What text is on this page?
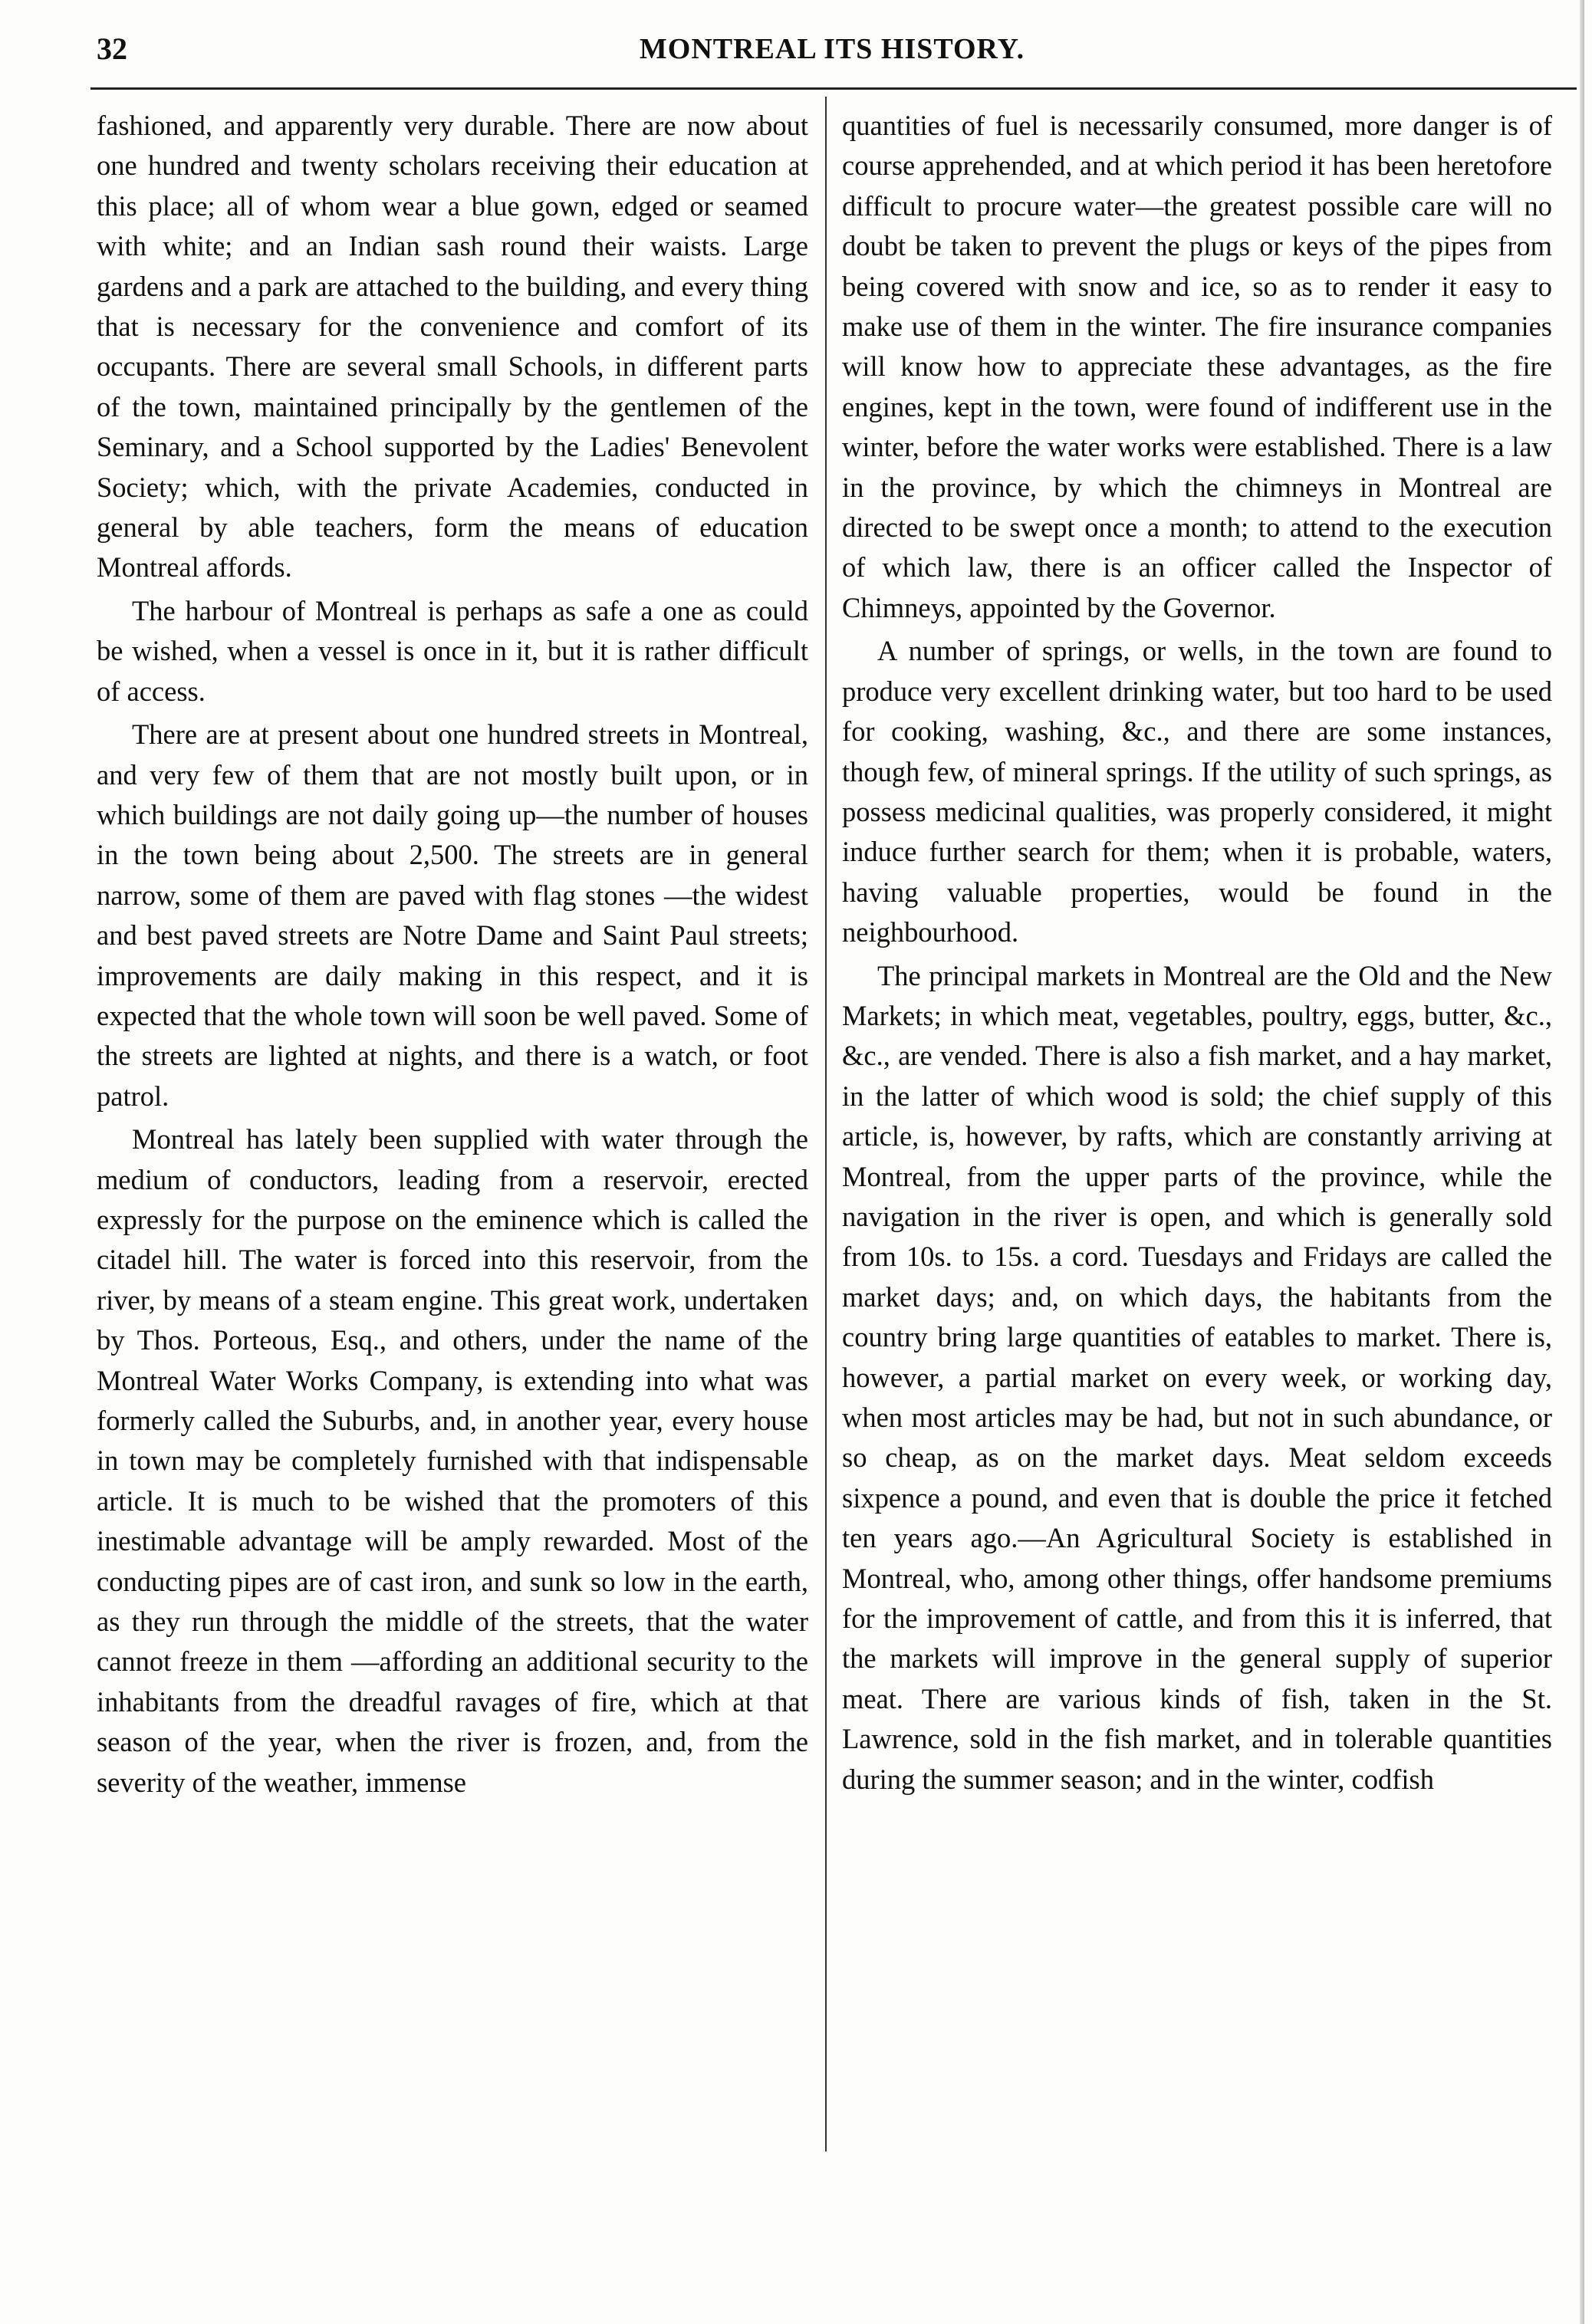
32	MONTREAL ITS HISTORY.

fashioned, and apparently very durable. There are now about one hundred and twenty scholars receiving their education at this place; all of whom wear a blue gown, edged or seamed with white; and an Indian sash round their waists. Large gardens and a park are attached to the building, and every thing that is necessary for the convenience and comfort of its occupants. There are several small Schools, in different parts of the town, maintained principally by the gentlemen of the Seminary, and a School supported by the Ladies' Benevolent Society; which, with the private Academies, conducted in general by able teachers, form the means of education Montreal affords.

The harbour of Montreal is perhaps as safe a one as could be wished, when a vessel is once in it, but it is rather difficult of access.

There are at present about one hundred streets in Montreal, and very few of them that are not mostly built upon, or in which buildings are not daily going up—the number of houses in the town being about 2,500. The streets are in general narrow, some of them are paved with flag stones —the widest and best paved streets are Notre Dame and Saint Paul streets; improvements are daily making in this respect, and it is expected that the whole town will soon be well paved. Some of the streets are lighted at nights, and there is a watch, or foot patrol.

Montreal has lately been supplied with water through the medium of conductors, leading from a reservoir, erected expressly for the purpose on the eminence which is called the citadel hill. The water is forced into this reservoir, from the river, by means of a steam engine. This great work, undertaken by Thos. Porteous, Esq., and others, under the name of the Montreal Water Works Company, is extending into what was formerly called the Suburbs, and, in another year, every house in town may be completely furnished with that indispensable article. It is much to be wished that the promoters of this inestimable advantage will be amply rewarded. Most of the conducting pipes are of cast iron, and sunk so low in the earth, as they run through the middle of the streets, that the water cannot freeze in them —affording an additional security to the inhabitants from the dreadful ravages of fire, which at that season of the year, when the river is frozen, and, from the severity of the weather, immense

quantities of fuel is necessarily consumed, more danger is of course apprehended, and at which period it has been heretofore difficult to procure water—the greatest possible care will no doubt be taken to prevent the plugs or keys of the pipes from being covered with snow and ice, so as to render it easy to make use of them in the winter. The fire insurance companies will know how to appreciate these advantages, as the fire engines, kept in the town, were found of indifferent use in the winter, before the water works were established. There is a law in the province, by which the chimneys in Montreal are directed to be swept once a month; to attend to the execution of which law, there is an officer called the Inspector of Chimneys, appointed by the Governor.

A number of springs, or wells, in the town are found to produce very excellent drinking water, but too hard to be used for cooking, washing, &c., and there are some instances, though few, of mineral springs. If the utility of such springs, as possess medicinal qualities, was properly considered, it might induce further search for them; when it is probable, waters, having valuable properties, would be found in the neighbourhood.

The principal markets in Montreal are the Old and the New Markets; in which meat, vegetables, poultry, eggs, butter, &c., &c., are vended. There is also a fish market, and a hay market, in the latter of which wood is sold; the chief supply of this article, is, however, by rafts, which are constantly arriving at Montreal, from the upper parts of the province, while the navigation in the river is open, and which is generally sold from 10s. to 15s. a cord. Tuesdays and Fridays are called the market days; and, on which days, the habitants from the country bring large quantities of eatables to market. There is, however, a partial market on every week, or working day, when most articles may be had, but not in such abundance, or so cheap, as on the market days. Meat seldom exceeds sixpence a pound, and even that is double the price it fetched ten years ago.—An Agricultural Society is established in Montreal, who, among other things, offer handsome premiums for the improvement of cattle, and from this it is inferred, that the markets will improve in the general supply of superior meat. There are various kinds of fish, taken in the St. Lawrence, sold in the fish market, and in tolerable quantities during the summer season; and in the winter, codfish
